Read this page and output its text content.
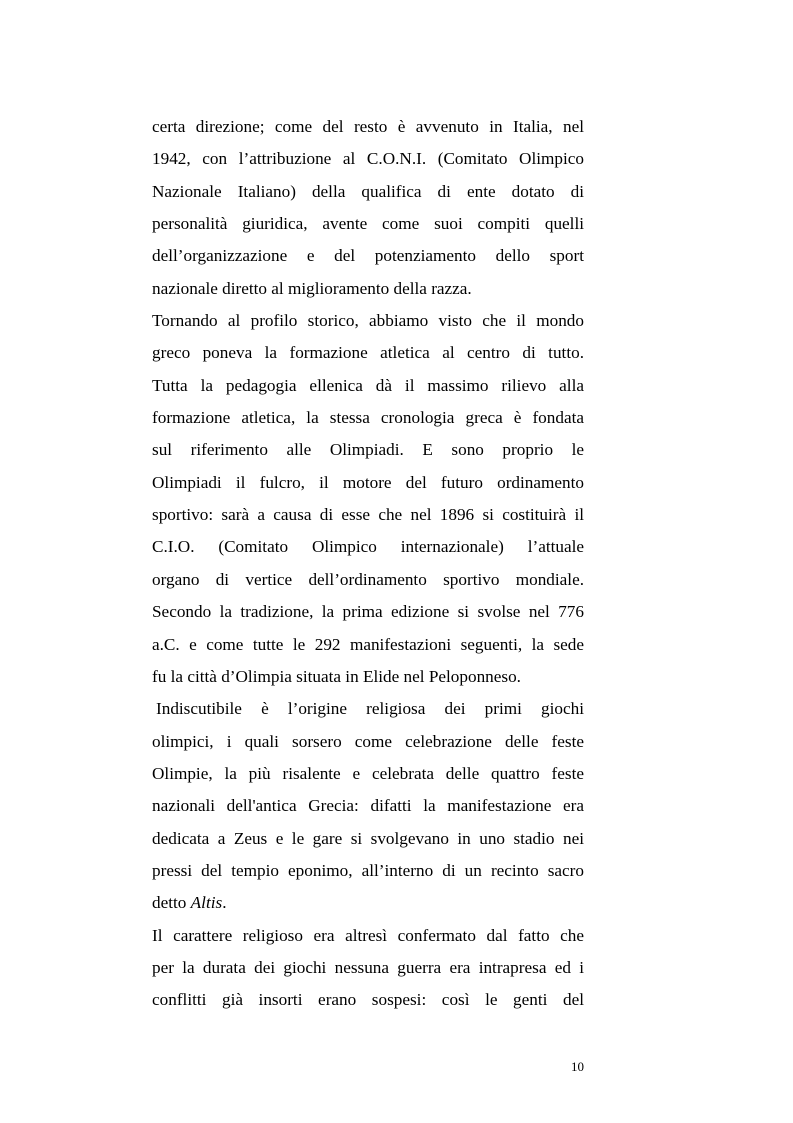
certa direzione; come del resto è avvenuto in Italia, nel
1942, con l’attribuzione al C.O.N.I. (Comitato Olimpico
Nazionale Italiano) della qualifica di ente dotato di
personalità giuridica, avente come suoi compiti quelli
dell’organizzazione e del potenziamento dello sport
nazionale diretto al miglioramento della razza.
Tornando al profilo storico, abbiamo visto che il mondo
greco poneva la formazione atletica al centro di tutto.
Tutta la pedagogia ellenica dà il massimo rilievo alla
formazione atletica, la stessa cronologia greca è fondata
sul riferimento alle Olimpiadi. E sono proprio le
Olimpiadi il fulcro, il motore del futuro ordinamento
sportivo: sarà a causa di esse che nel 1896 si costituirà il
C.I.O. (Comitato Olimpico internazionale) l’attuale
organo di vertice dell’ordinamento sportivo mondiale.
Secondo la tradizione, la prima edizione si svolse nel 776
a.C. e come tutte le 292 manifestazioni seguenti, la sede
fu la città d’Olimpia situata in Elide nel Peloponneso.
Indiscutibile è l’origine religiosa dei primi giochi
olimpici, i quali sorsero come celebrazione delle feste
Olimpie, la più risalente e celebrata delle quattro feste
nazionali dell'antica Grecia: difatti la manifestazione era
dedicata a Zeus e le gare si svolgevano in uno stadio nei
pressi del tempio eponimo, all’interno di un recinto sacro
detto Altis.
Il carattere religioso era altresì confermato dal fatto che
per la durata dei giochi nessuna guerra era intrapresa ed i
conflitti già insorti erano sospesi: così le genti del
10
